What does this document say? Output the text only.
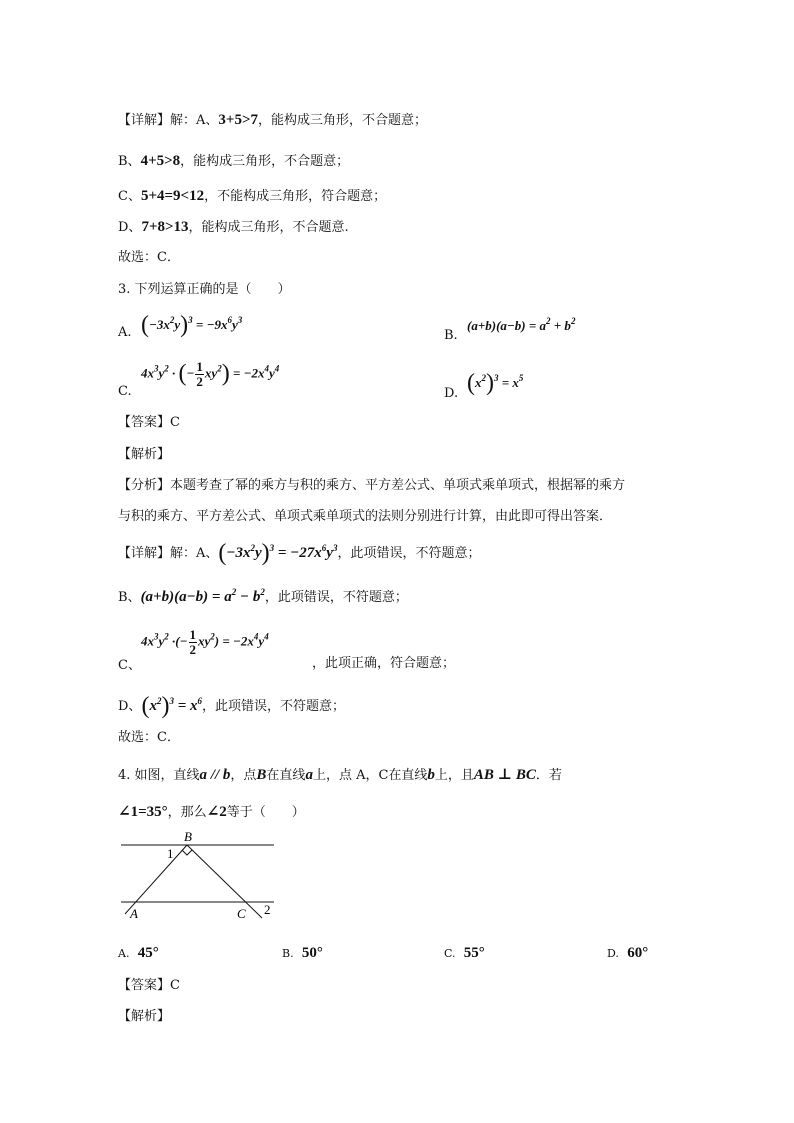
【详解】解：A、3+5>7，能构成三角形，不合题意；
B、4+5>8，能构成三角形，不合题意；
C、5+4=9<12，不能构成三角形，符合题意；
D、7+8>13，能构成三角形，不合题意.
故选：C．
3. 下列运算正确的是（　　）
A. $(-3x^2y)^3 = -9x^6y^3$
B.
$(a+b)(a-b) = a^2 + b^2$
C.
$4x^3y^2$ · (− $\frac{1}{2} xy^2) = -2x^4y^4$
D. $(x^2)^3 = x^5$
【答案】C
【解析】
【分析】本题考查了幂的乘方与积的乘方、平方差公式、单项式乘单项式，根据幂的乘方
与积的乘方、平方差公式、单项式乘单项式的法则分别进行计算，由此即可得出答案．
【详解】解：A、$(-3x^2y)^3 = -27x^6y^3$，此项错误，不符题意；
B、$(a+b)(a-b) = a^2 - b^2$，此项错误，不符题意；
$4x^3y^2$ ·(− $\frac{1}{2} xy^2) = -2x^4y^4$
C、	，此项正确，符合题意；
D、$(x^2)^3 = x^6$，此项错误，不符题意；
故选：C．
4. 如图，直线a // b，点B在直线a上，点 A，C在直线b上，且AB ⊥ BC．若
∠1=35°，那么∠2等于（　　）
B
1
A	C 2
A. 45°	B. 50°	C. 55°	D. 60°
【答案】C
【解析】
